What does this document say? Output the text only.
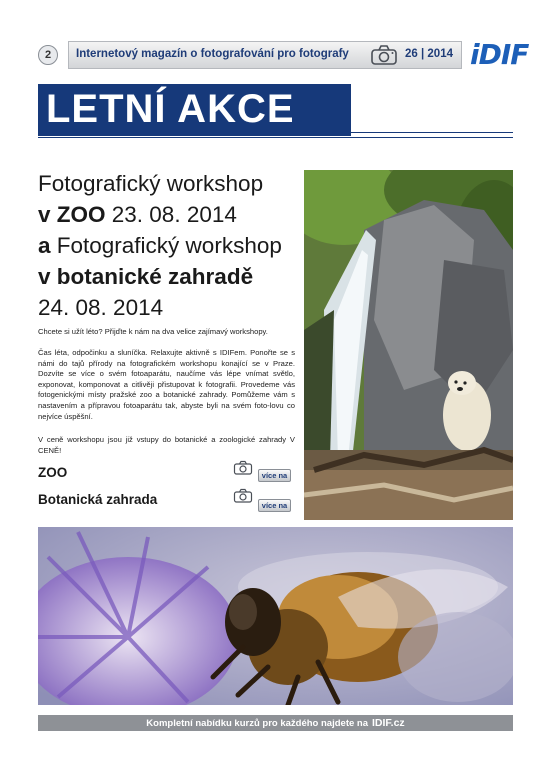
2	Internetový magazín o fotografování pro fotografy	26 | 2014 iDIF
LETNÍ AKCE
Fotografický workshop
v ZOO 23. 08. 2014
a Fotografický workshop
v botanické zahradě
24. 08. 2014

Chcete si užít léto? Přijďte k nám na dva velice zajímavý workshopy.

Čas léta, odpočinku a sluníčka. Relaxujte aktivně s IDIFem. Ponořte se s námi do tajů přírody na fotografickém workshopu konající se v Praze. Dozvíte se více o svém fotoaparátu, naučíme vás lépe vnímat světlo, exponovat, komponovat a citlivěji přistupovat k fotografii. Provedeme vás fotogenickými místy pražské zoo a botanické zahrady. Pomůžeme vám s nastavením a přípravou fotoaparátu tak, abyste byli na svém foto-lovu co nejvíce úspěšní.

V ceně workshopu jsou již vstupy do botanické a zoologické zahrady V CENĚ!

ZOO	více na
Botanická zahrada	více na
Kompletní nabídku kurzů pro každého najdete na IDIF.cz
